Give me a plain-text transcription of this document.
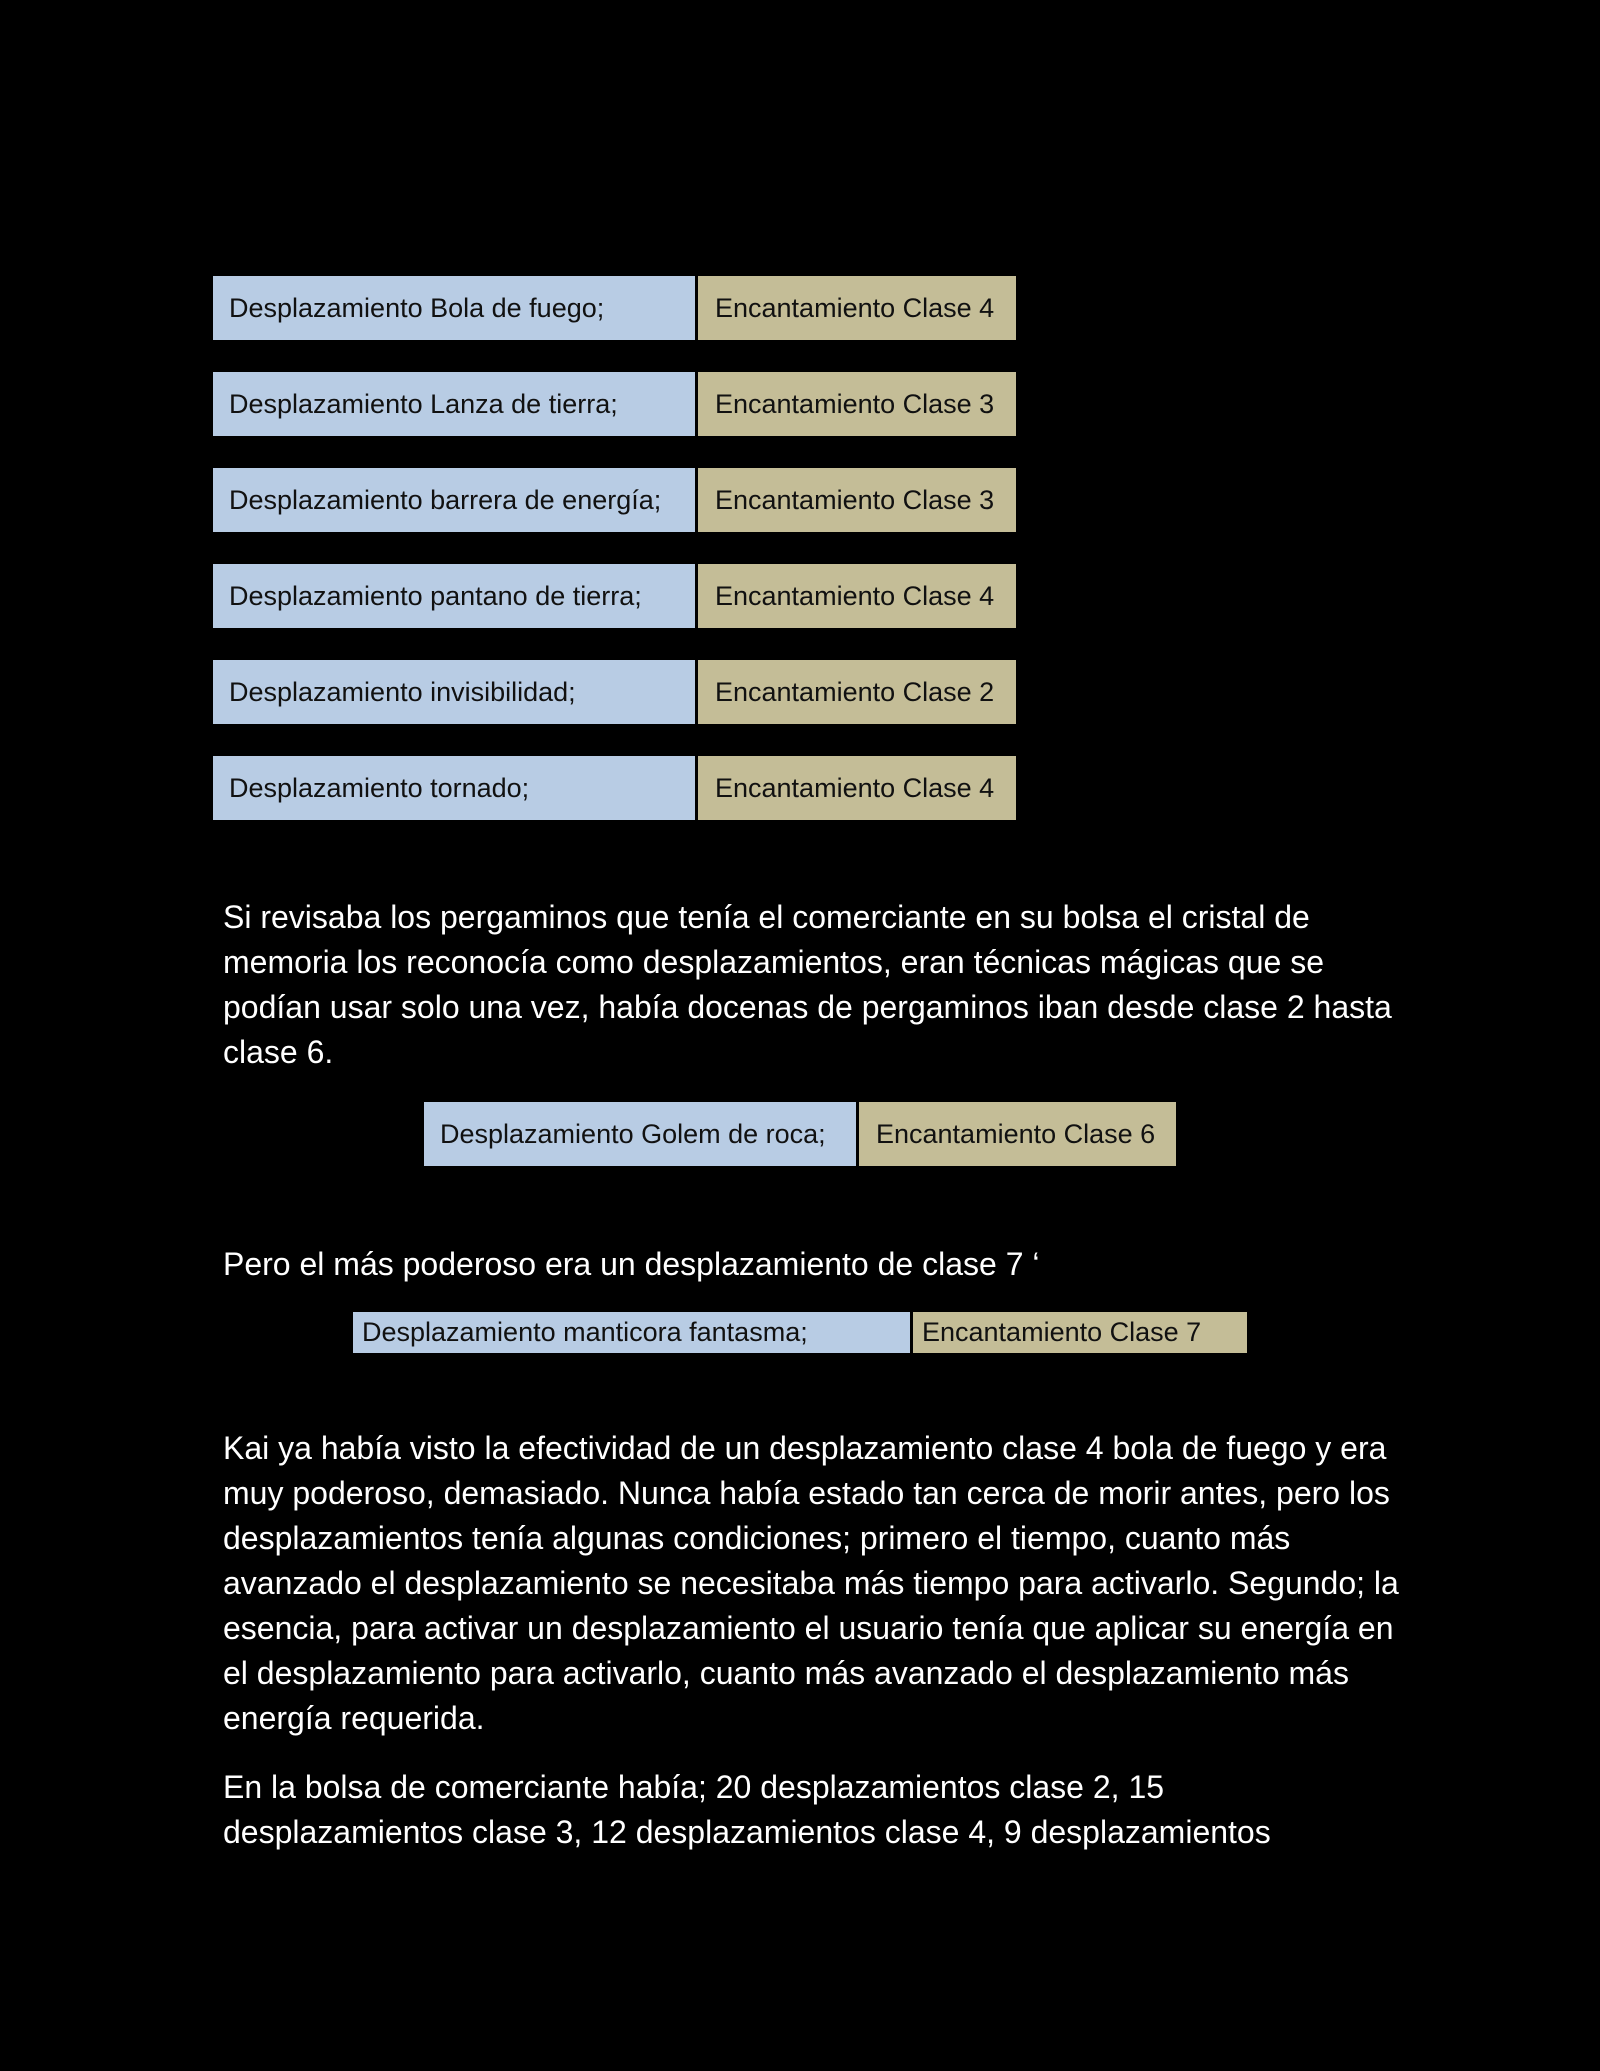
Desplazamiento Bola de fuego;	Encantamiento Clase 4
Desplazamiento Lanza de tierra;	Encantamiento Clase 3
Desplazamiento barrera de energía;	Encantamiento Clase 3
Desplazamiento pantano de tierra;	Encantamiento Clase 4
Desplazamiento invisibilidad;	Encantamiento Clase 2
Desplazamiento tornado;	Encantamiento Clase 4

Si revisaba los pergaminos que tenía el comerciante en su bolsa el cristal de memoria los reconocía como desplazamientos, eran técnicas mágicas que se podían usar solo una vez, había docenas de pergaminos iban desde clase 2 hasta clase 6.

Desplazamiento Golem de roca;	Encantamiento Clase 6

Pero el más poderoso era un desplazamiento de clase 7 ‘

Desplazamiento manticora fantasma;	Encantamiento Clase 7

Kai ya había visto la efectividad de un desplazamiento clase 4 bola de fuego y era muy poderoso, demasiado. Nunca había estado tan cerca de morir antes, pero los desplazamientos tenía algunas condiciones; primero el tiempo, cuanto más avanzado el desplazamiento se necesitaba más tiempo para activarlo. Segundo; la esencia, para activar un desplazamiento el usuario tenía que aplicar su energía en el desplazamiento para activarlo, cuanto más avanzado el desplazamiento más energía requerida.

En la bolsa de comerciante había; 20 desplazamientos clase 2, 15 desplazamientos clase 3, 12 desplazamientos clase 4, 9 desplazamientos
